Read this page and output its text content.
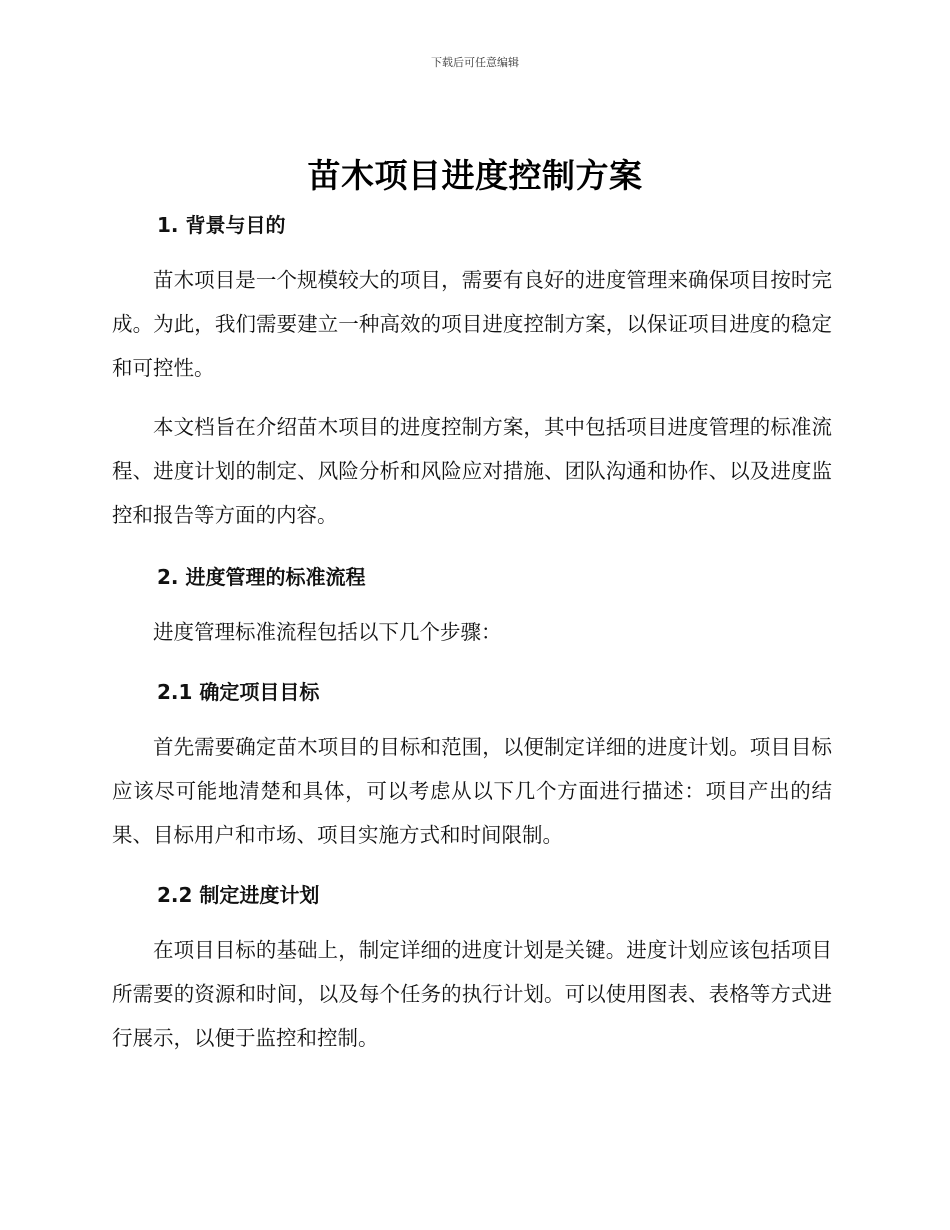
下载后可任意编辑
苗木项目进度控制方案
1. 背景与目的

苗木项目是一个规模较大的项目，需要有良好的进度管理来确保项目按时完成。为此，我们需要建立一种高效的项目进度控制方案，以保证项目进度的稳定和可控性。

本文档旨在介绍苗木项目的进度控制方案，其中包括项目进度管理的标准流程、进度计划的制定、风险分析和风险应对措施、团队沟通和协作、以及进度监控和报告等方面的内容。

2. 进度管理的标准流程

进度管理标准流程包括以下几个步骤：

2.1 确定项目目标

首先需要确定苗木项目的目标和范围，以便制定详细的进度计划。项目目标应该尽可能地清楚和具体，可以考虑从以下几个方面进行描述：项目产出的结果、目标用户和市场、项目实施方式和时间限制。

2.2 制定进度计划

在项目目标的基础上，制定详细的进度计划是关键。进度计划应该包括项目所需要的资源和时间，以及每个任务的执行计划。可以使用图表、表格等方式进行展示，以便于监控和控制。
